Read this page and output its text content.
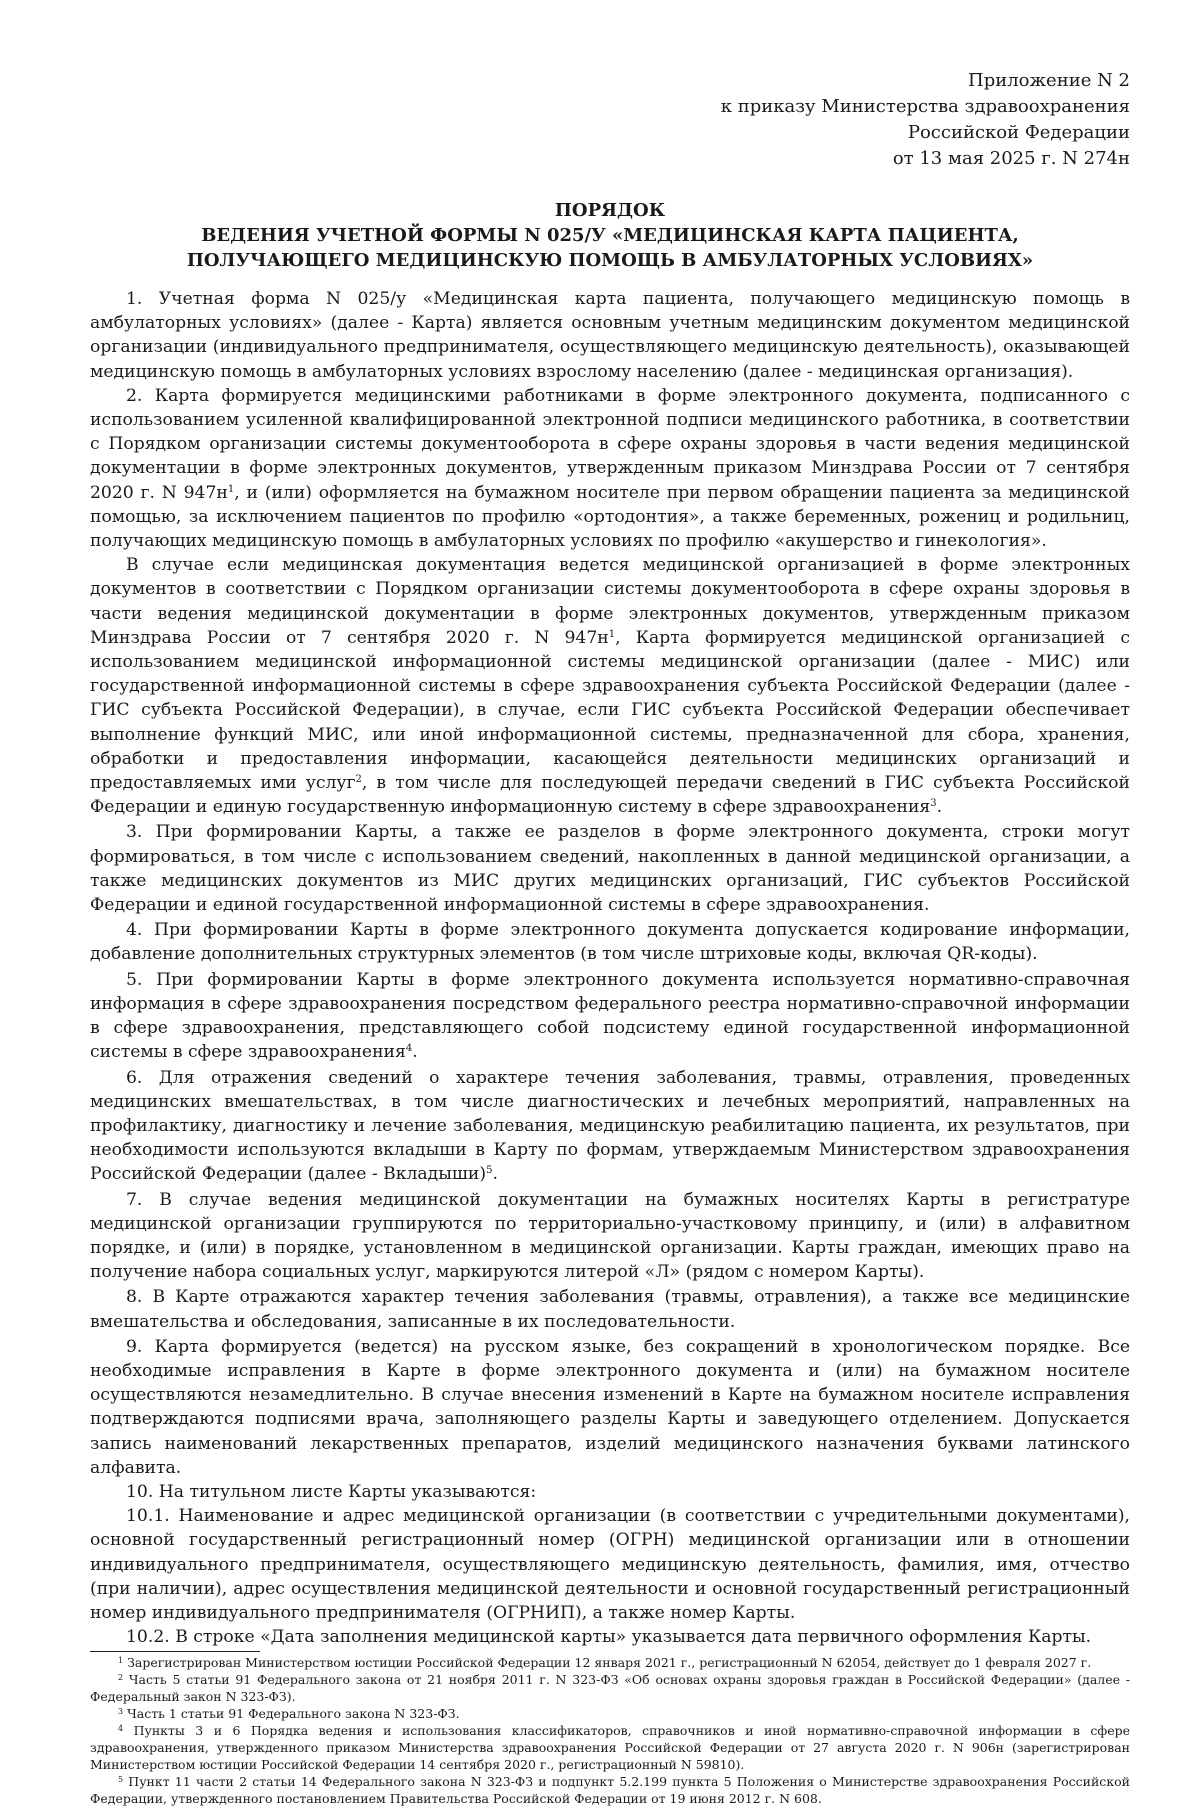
Приложение N 2
к приказу Министерства здравоохранения
Российской Федерации
от 13 мая 2025 г. N 274н
ПОРЯДОК
ВЕДЕНИЯ УЧЕТНОЙ ФОРМЫ N 025/У «МЕДИЦИНСКАЯ КАРТА ПАЦИЕНТА,
ПОЛУЧАЮЩЕГО МЕДИЦИНСКУЮ ПОМОЩЬ В АМБУЛАТОРНЫХ УСЛОВИЯХ»

1. Учетная форма N 025/у «Медицинская карта пациента, получающего медицинскую помощь в амбулаторных условиях» (далее - Карта) является основным учетным медицинским документом медицинской организации (индивидуального предпринимателя, осуществляющего медицинскую деятельность), оказывающей медицинскую помощь в амбулаторных условиях взрослому населению (далее - медицинская организация).

2. Карта формируется медицинскими работниками в форме электронного документа, подписанного с использованием усиленной квалифицированной электронной подписи медицинского работника, в соответствии с Порядком организации системы документооборота в сфере охраны здоровья в части ведения медицинской документации в форме электронных документов, утвержденным приказом Минздрава России от 7 сентября 2020 г. N $947н^1$, и (или) оформляется на бумажном носителе при первом обращении пациента за медицинской помощью, за исключением пациентов по профилю «ортодонтия», а также беременных, рожениц и родильниц, получающих медицинскую помощь в амбулаторных условиях по профилю «акушерство и гинекология».

В случае если медицинская документация ведется медицинской организацией в форме электронных документов в соответствии с Порядком организации системы документооборота в сфере охраны здоровья в части ведения медицинской документации в форме электронных документов, утвержденным приказом Минздрава России от 7 сентября 2020 г. N $947н^1$, Карта формируется медицинской организацией с использованием медицинской информационной системы медицинской организации (далее - МИС) или государственной информационной системы в сфере здравоохранения субъекта Российской Федерации (далее - ГИС субъекта Российской Федерации), в случае, если ГИС субъекта Российской Федерации обеспечивает выполнение функций МИС, или иной информационной системы, предназначенной для сбора, хранения, обработки и предоставления информации, касающейся деятельности медицинских организаций и предоставляемых ими услуг$^2$, в том числе для последующей передачи сведений в ГИС субъекта Российской Федерации и единую государственную информационную систему в сфере здравоохранения$^3$.

3. При формировании Карты, а также ее разделов в форме электронного документа, строки могут формироваться, в том числе с использованием сведений, накопленных в данной медицинской организации, а также медицинских документов из МИС других медицинских организаций, ГИС субъектов Российской Федерации и единой государственной информационной системы в сфере здравоохранения.

4. При формировании Карты в форме электронного документа допускается кодирование информации, добавление дополнительных структурных элементов (в том числе штриховые коды, включая QR-коды).

5. При формировании Карты в форме электронного документа используется нормативно-справочная информация в сфере здравоохранения посредством федерального реестра нормативно-справочной информации в сфере здравоохранения, представляющего собой подсистему единой государственной информационной системы в сфере здравоохранения$^4$.

6. Для отражения сведений о характере течения заболевания, травмы, отравления, проведенных медицинских вмешательствах, в том числе диагностических и лечебных мероприятий, направленных на профилактику, диагностику и лечение заболевания, медицинскую реабилитацию пациента, их результатов, при необходимости используются вкладыши в Карту по формам, утверждаемым Министерством здравоохранения Российской Федерации (далее - Вкладыши)$^5$.

7. В случае ведения медицинской документации на бумажных носителях Карты в регистратуре медицинской организации группируются по территориально-участковому принципу, и (или) в алфавитном порядке, и (или) в порядке, установленном в медицинской организации. Карты граждан, имеющих право на получение набора социальных услуг, маркируются литерой «Л» (рядом с номером Карты).

8. В Карте отражаются характер течения заболевания (травмы, отравления), а также все медицинские вмешательства и обследования, записанные в их последовательности.

9. Карта формируется (ведется) на русском языке, без сокращений в хронологическом порядке. Все необходимые исправления в Карте в форме электронного документа и (или) на бумажном носителе осуществляются незамедлительно. В случае внесения изменений в Карте на бумажном носителе исправления подтверждаются подписями врача, заполняющего разделы Карты и заведующего отделением. Допускается запись наименований лекарственных препаратов, изделий медицинского назначения буквами латинского алфавита.

10. На титульном листе Карты указываются:

10.1. Наименование и адрес медицинской организации (в соответствии с учредительными документами), основной государственный регистрационный номер (ОГРН) медицинской организации или в отношении индивидуального предпринимателя, осуществляющего медицинскую деятельность, фамилия, имя, отчество (при наличии), адрес осуществления медицинской деятельности и основной государственный регистрационный номер индивидуального предпринимателя (ОГРНИП), а также номер Карты.

10.2. В строке «Дата заполнения медицинской карты» указывается дата первичного оформления Карты.

$^1$ Зарегистрирован Министерством юстиции Российской Федерации 12 января 2021 г., регистрационный N 62054, действует до 1 февраля 2027 г.

$^2$ Часть 5 статьи 91 Федерального закона от 21 ноября 2011 г. N 323-ФЗ «Об основах охраны здоровья граждан в Российской Федерации» (далее - Федеральный закон N 323-ФЗ).

$^3$ Часть 1 статьи 91 Федерального закона N 323-ФЗ.

$^4$ Пункты 3 и 6 Порядка ведения и использования классификаторов, справочников и иной нормативно-справочной информации в сфере здравоохранения, утвержденного приказом Министерства здравоохранения Российской Федерации от 27 августа 2020 г. N 906н (зарегистрирован Министерством юстиции Российской Федерации 14 сентября 2020 г., регистрационный N 59810).

$^5$ Пункт 11 части 2 статьи 14 Федерального закона N 323-ФЗ и подпункт 5.2.199 пункта 5 Положения о Министерстве здравоохранения Российской Федерации, утвержденного постановлением Правительства Российской Федерации от 19 июня 2012 г. N 608.
